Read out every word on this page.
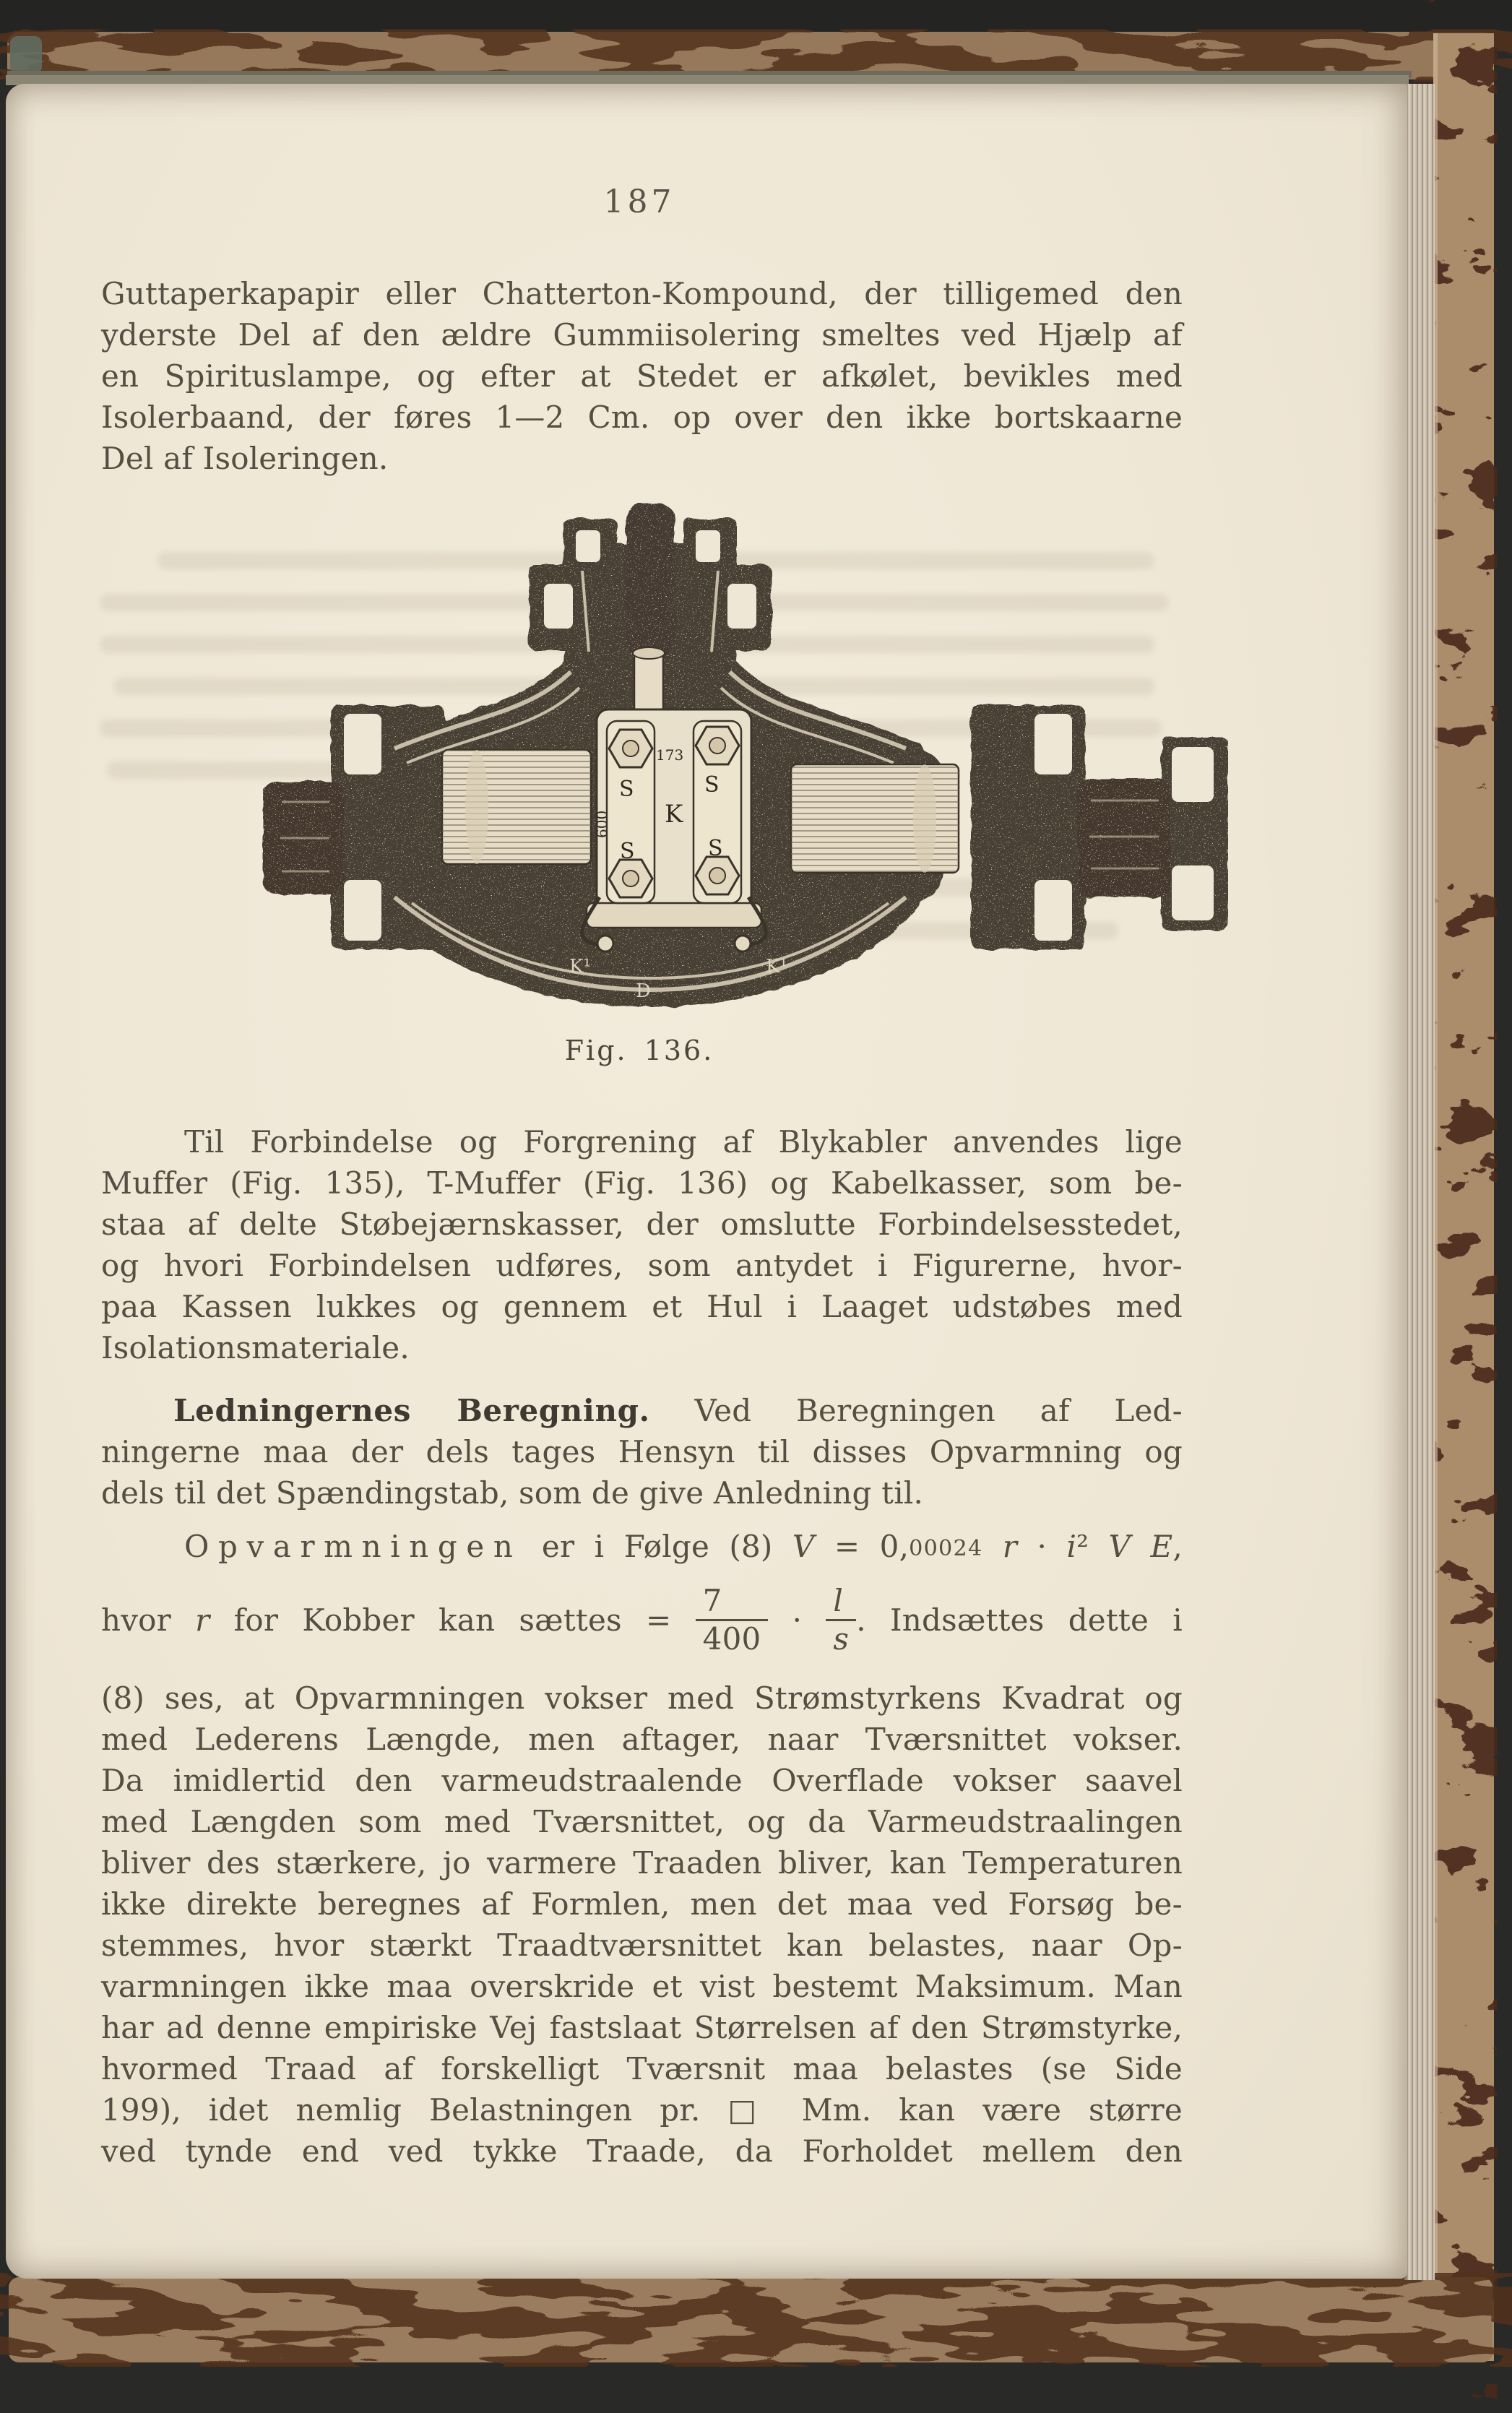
187
Guttaperkapapir eller Chatterton-Kompound, der tilligemed den
yderste Del af den ældre Gummiisolering smeltes ved Hjælp af
en Spirituslampe, og efter at Stedet er afkølet, bevikles med
Isolerbaand, der føres 1—2 Cm. op over den ikke bortskaarne
Del af Isoleringen.
S	S
K
S	S
173
600
K¹	K¹
D
Fig. 136.
Til Forbindelse og Forgrening af Blykabler anvendes lige
Muffer (Fig. 135), T-Muffer (Fig. 136) og Kabelkasser, som be-
staa af delte Støbejærnskasser, der omslutte Forbindelsesstedet,
og hvori Forbindelsen udføres, som antydet i Figurerne, hvor-
paa Kassen lukkes og gennem et Hul i Laaget udstøbes med
Isolationsmateriale.
Ledningernes Beregning. Ved Beregningen af Led-
ningerne maa der dels tages Hensyn til disses Opvarmning og
dels til det Spændingstab, som de give Anledning til.
Opvarmningen er i Følge (8) V = 0,00024 r · i² V E,
hvor r for Kobber kan sættes = $\frac{7}{400} \cdot \frac{l}{s}$ . Indsættes dette i
(8) ses, at Opvarmningen vokser med Strømstyrkens Kvadrat og
med Lederens Længde, men aftager, naar Tværsnittet vokser.
Da imidlertid den varmeudstraalende Overflade vokser saavel
med Længden som med Tværsnittet, og da Varmeudstraalingen
bliver des stærkere, jo varmere Traaden bliver, kan Temperaturen
ikke direkte beregnes af Formlen, men det maa ved Forsøg be-
stemmes, hvor stærkt Traadtværsnittet kan belastes, naar Op-
varmningen ikke maa overskride et vist bestemt Maksimum. Man
har ad denne empiriske Vej fastslaat Størrelsen af den Strømstyrke,
hvormed Traad af forskelligt Tværsnit maa belastes (se Side
199), idet nemlig Belastningen pr. □ Mm. kan være større
ved tynde end ved tykke Traade, da Forholdet mellem den
